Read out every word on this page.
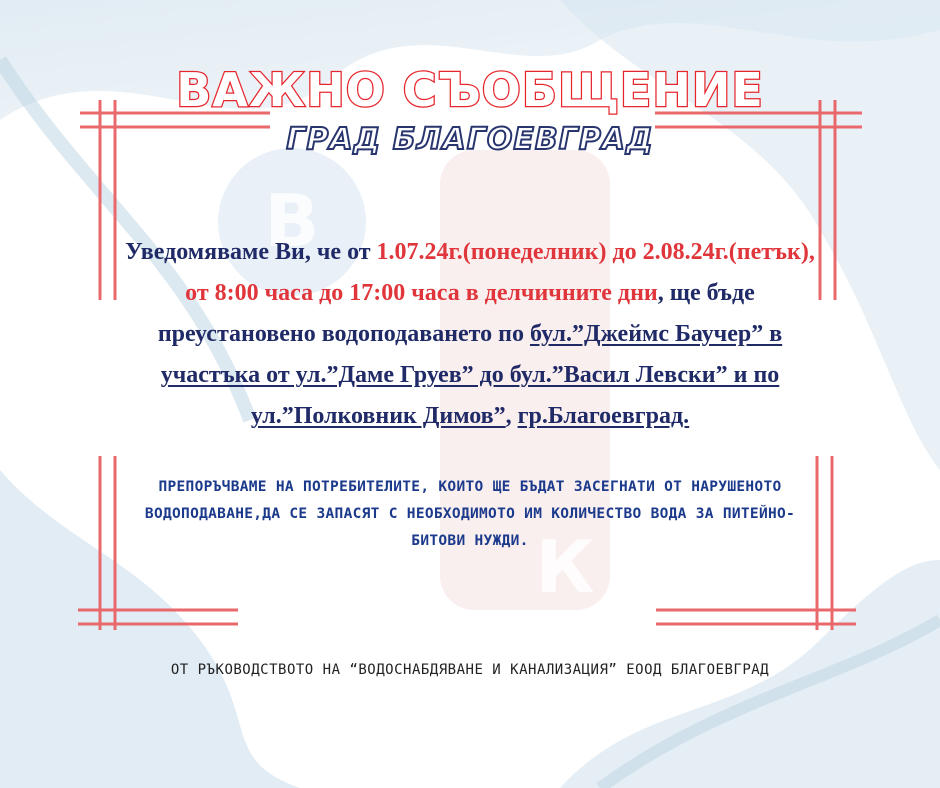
В
К
ВАЖНО СЪОБЩЕНИЕ
ГРАД БЛАГОЕВГРАД
Уведомяваме Ви, че от 1.07.24г.(понеделник) до 2.08.24г.(петък), от 8:00 часа до 17:00 часа в делчичните дни, ще бъде преустановено водоподаването по бул.”Джеймс Баучер” в участъка от ул.”Даме Груев” до бул.”Васил Левски” и по ул.”Полковник Димов”, гр.Благоевград.
ПРЕПОРЪЧВАМЕ НА ПОТРЕБИТЕЛИТЕ, КОИТО ЩЕ БЪДАТ ЗАСЕГНАТИ ОТ НАРУШЕНОТО ВОДОПОДАВАНЕ,ДА СЕ ЗАПАСЯТ С НЕОБХОДИМОТО ИМ КОЛИЧЕСТВО ВОДА ЗА ПИТЕЙНО-БИТОВИ НУЖДИ.
ОТ РЪКОВОДСТВОТО НА “ВОДОСНАБДЯВАНЕ И КАНАЛИЗАЦИЯ” ЕООД БЛАГОЕВГРАД
